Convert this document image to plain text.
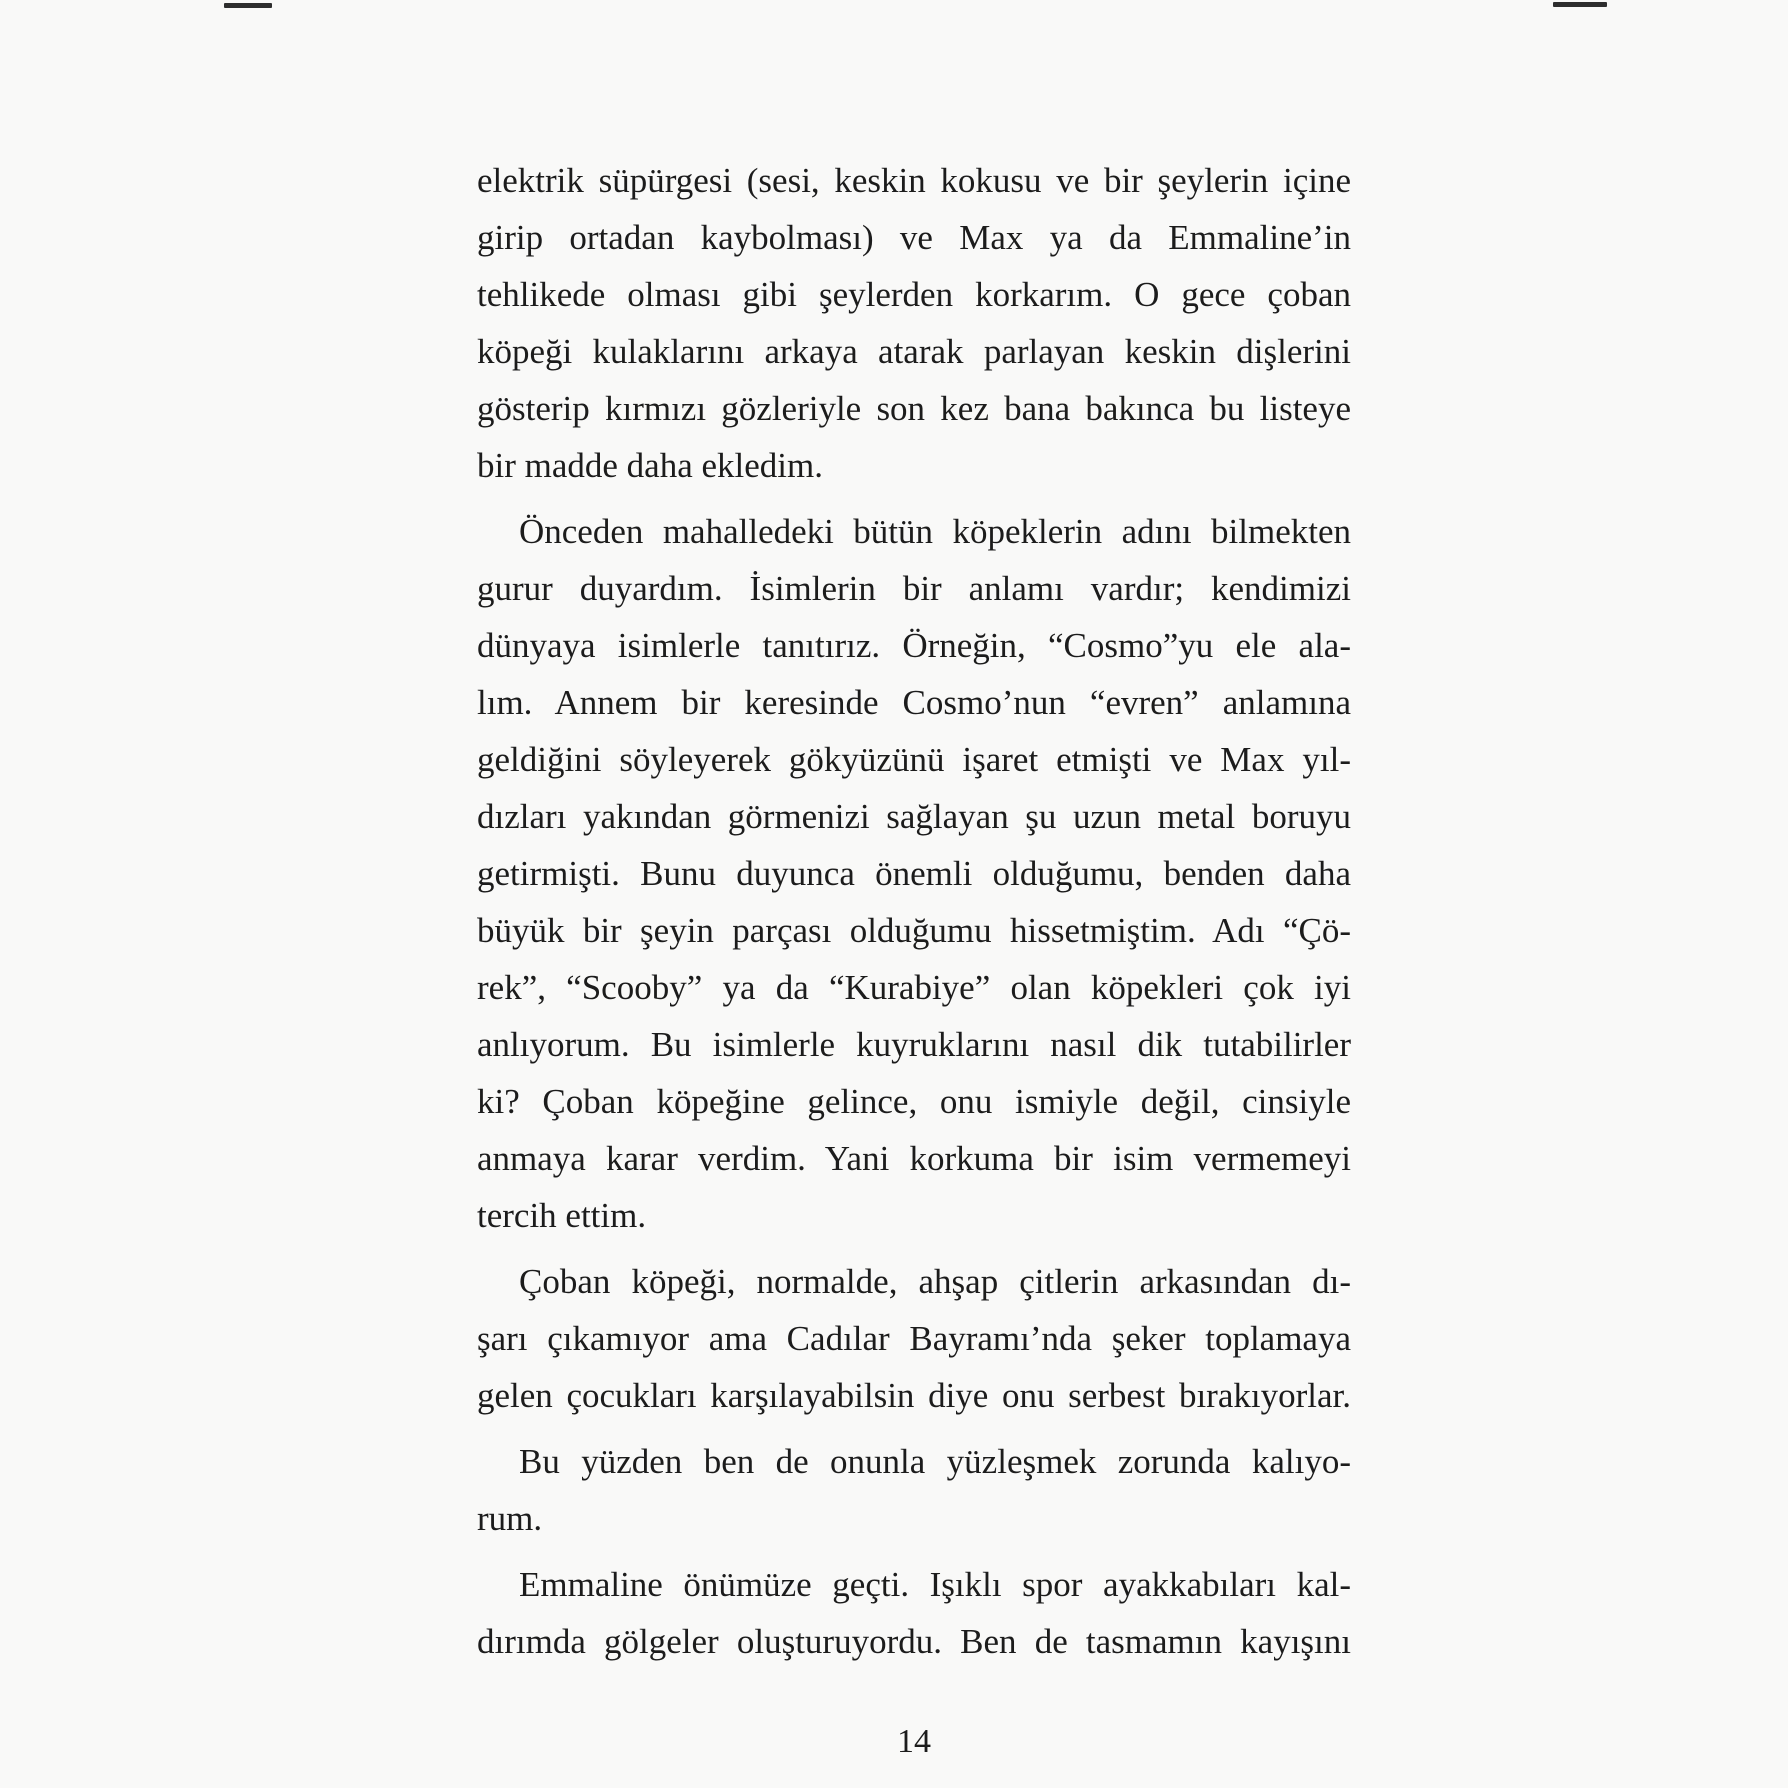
elektrik süpürgesi (sesi, keskin kokusu ve bir şeylerin içine
girip ortadan kaybolması) ve Max ya da Emmaline’in
tehlikede olması gibi şeylerden korkarım. O gece çoban
köpeği kulaklarını arkaya atarak parlayan keskin dişlerini
gösterip kırmızı gözleriyle son kez bana bakınca bu listeye
bir madde daha ekledim.
Önceden mahalledeki bütün köpeklerin adını bilmekten
gurur duyardım. İsimlerin bir anlamı vardır; kendimizi
dünyaya isimlerle tanıtırız. Örneğin, “Cosmo”yu ele ala-
lım. Annem bir keresinde Cosmo’nun “evren” anlamına
geldiğini söyleyerek gökyüzünü işaret etmişti ve Max yıl-
dızları yakından görmenizi sağlayan şu uzun metal boruyu
getirmişti. Bunu duyunca önemli olduğumu, benden daha
büyük bir şeyin parçası olduğumu hissetmiştim. Adı “Çö-
rek”, “Scooby” ya da “Kurabiye” olan köpekleri çok iyi
anlıyorum. Bu isimlerle kuyruklarını nasıl dik tutabilirler
ki? Çoban köpeğine gelince, onu ismiyle değil, cinsiyle
anmaya karar verdim. Yani korkuma bir isim vermemeyi
tercih ettim.
Çoban köpeği, normalde, ahşap çitlerin arkasından dı-
şarı çıkamıyor ama Cadılar Bayramı’nda şeker toplamaya
gelen çocukları karşılayabilsin diye onu serbest bırakıyorlar.
Bu yüzden ben de onunla yüzleşmek zorunda kalıyo-
rum.
Emmaline önümüze geçti. Işıklı spor ayakkabıları kal-
dırımda gölgeler oluşturuyordu. Ben de tasmamın kayışını
14
